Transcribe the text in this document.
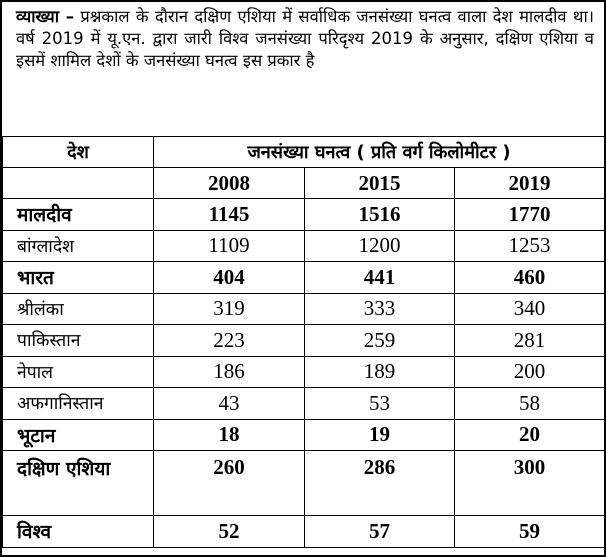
व्याख्या – प्रश्नकाल के दौरान दक्षिण एशिया में सर्वाधिक जनसंख्या घनत्व वाला देश मालदीव था। वर्ष 2019 में यू.एन. द्वारा जारी विश्व जनसंख्या परिदृश्य 2019 के अनुसार, दक्षिण एशिया व इसमें शामिल देशों के जनसंख्या घनत्व इस प्रकार है
देश	जनसंख्या घनत्व ( प्रति वर्ग किलोमीटर )		
	2008	2015	2019
मालदीव	1145	1516	1770
बांग्लादेश	1109	1200	1253
भारत	404	441	460
श्रीलंका	319	333	340
पाकिस्तान	223	259	281
नेपाल	186	189	200
अफगानिस्तान	43	53	58
भूटान	18	19	20
दक्षिण एशिया	260	286	300
विश्व	52	57	59
